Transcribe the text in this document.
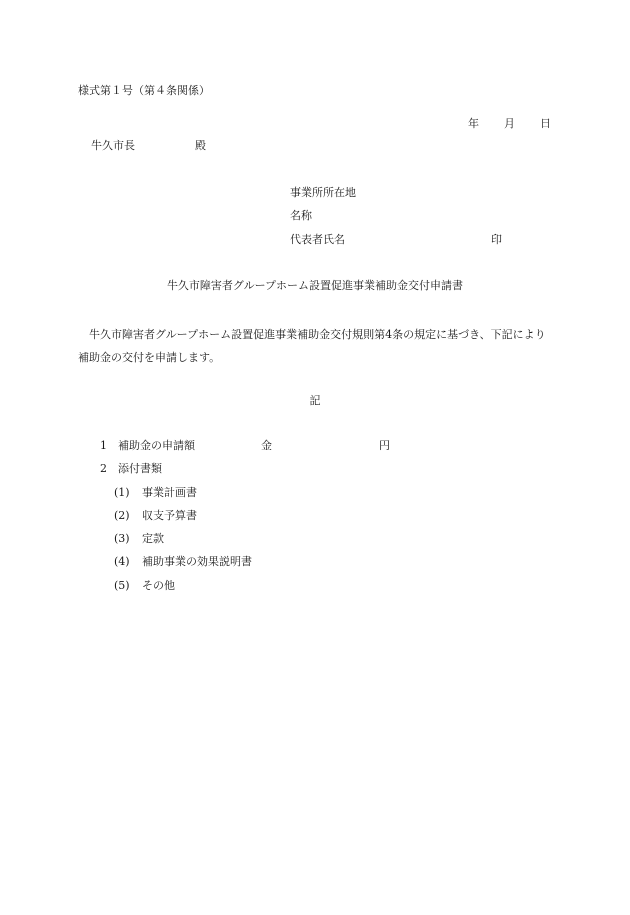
様式第１号（第４条関係）

年 月 日
牛久市長	殿
事業所所在地
名称
代表者氏名	印

牛久市障害者グループホーム設置促進事業補助金交付申請書

牛久市障害者グループホーム設置促進事業補助金交付規則第4条の規定に基づき、下記により補助金の交付を申請します。

記

1 補助金の申請額	金	円
2 添付書類
(1) 事業計画書
(2) 収支予算書
(3) 定款
(4) 補助事業の効果説明書
(5) その他
